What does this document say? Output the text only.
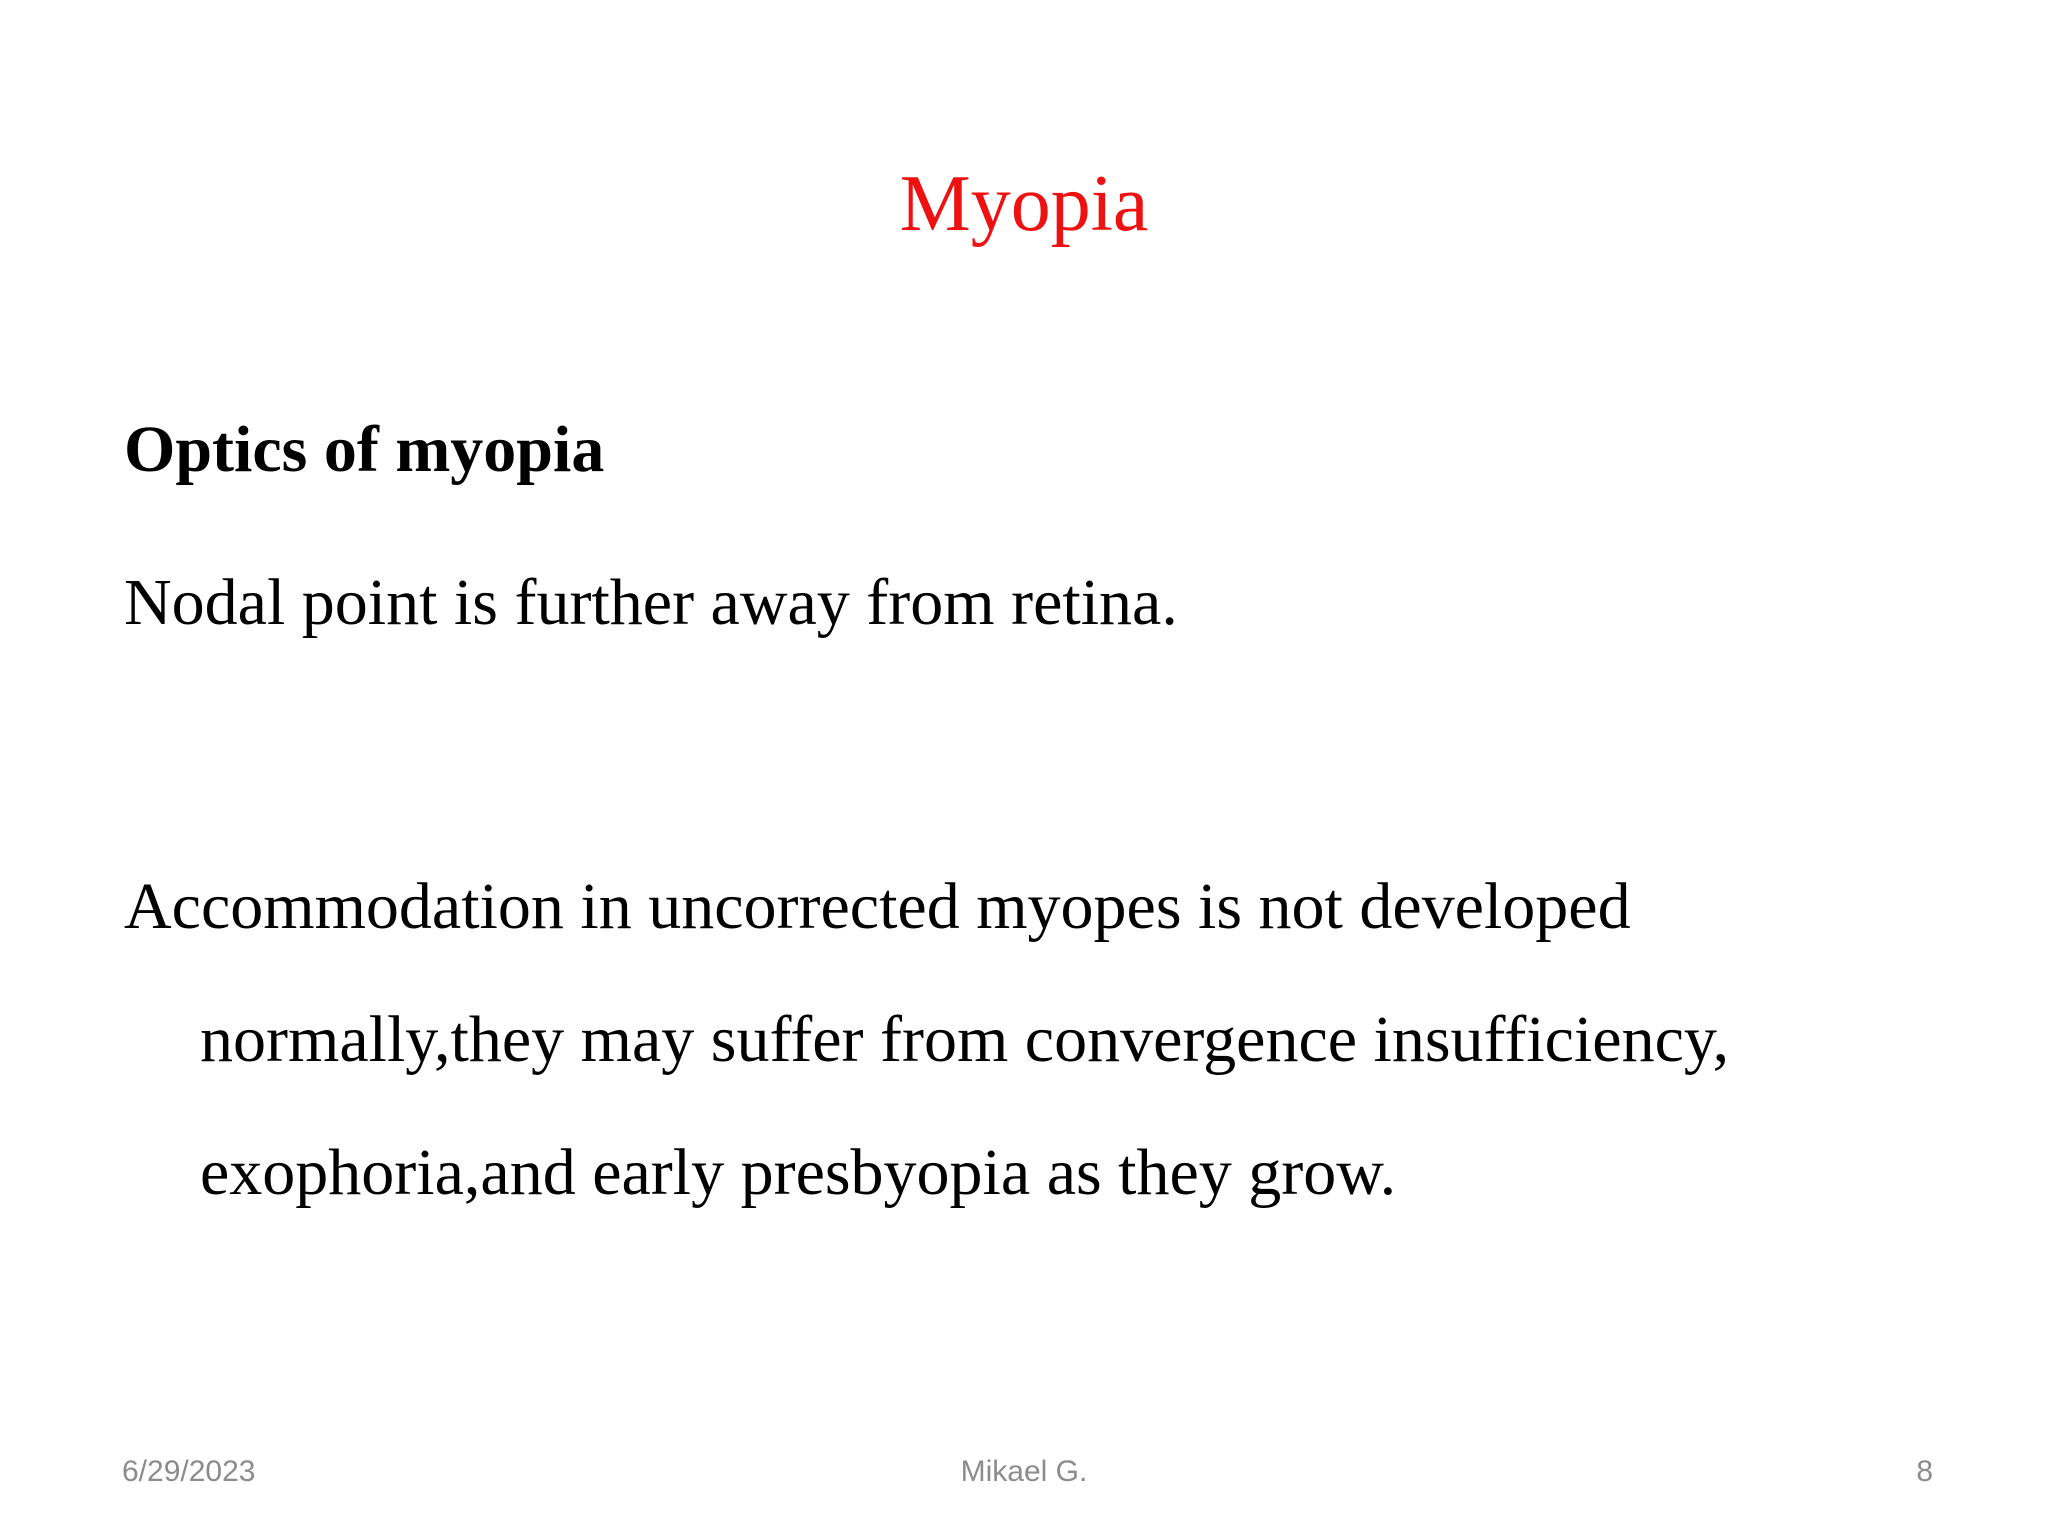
Myopia
Optics of myopia
Nodal point is further away from retina.
Accommodation in uncorrected myopes is not developed
normally,they may suffer from convergence insufficiency,
exophoria,and early presbyopia as they grow.
Mikael G.
6/29/2023	8
